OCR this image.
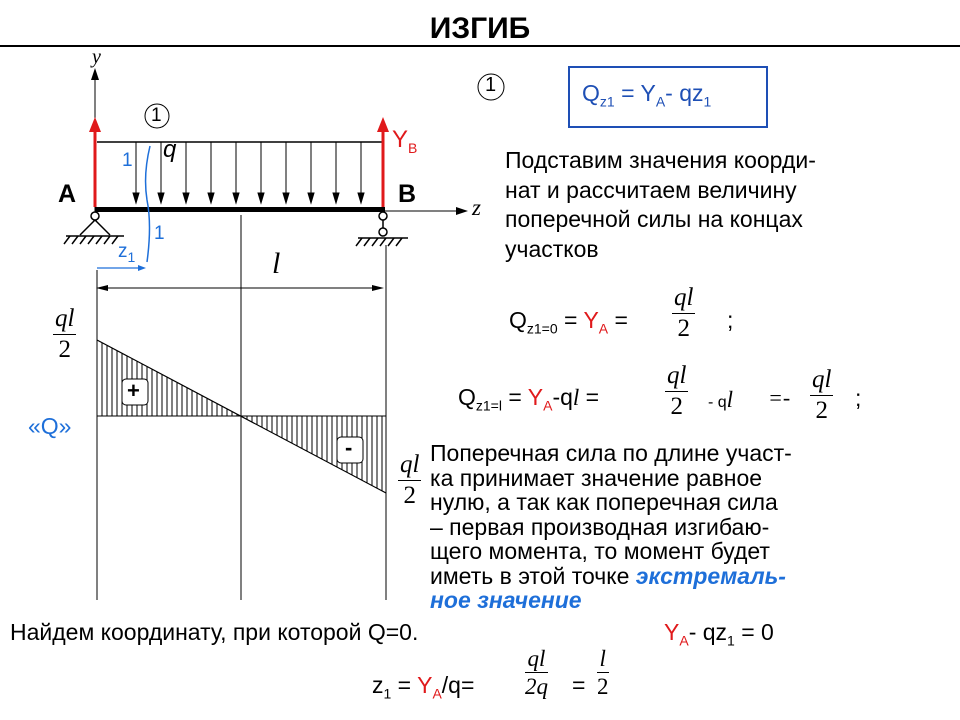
ИЗГИБ
y
z
q
A	B
$Y_B$
1
1
1
$z_1$	l
«Q»
+
-
$\frac{ql}{2}$
$\frac{ql}{2}$
1	$Q_{z1} = Y_A-$ $qz_1$
Подставим значения коорди-
нат и рассчитаем величину
поперечной силы на концах
участков
$Q_{z1=0} = Y_A = \frac{ql}{2}$ ;
$Q_{z1=l} = Y_A-ql$ =	$\frac{ql}{2}$ - ql =- $\frac{ql}{2}$ ;
Поперечная сила по длине участ-
ка принимает значение равное
нулю, а так как поперечная сила
– первая производная изгибаю-
щего момента, то момент будет
иметь в этой точке экстремаль-
ное значение
Найдем координату, при которой Q=0.	$Y_A-$ $qz_1 = 0$
$z_1 = Y_A/q= \frac{ql}{2q} = \frac{l}{2}$
